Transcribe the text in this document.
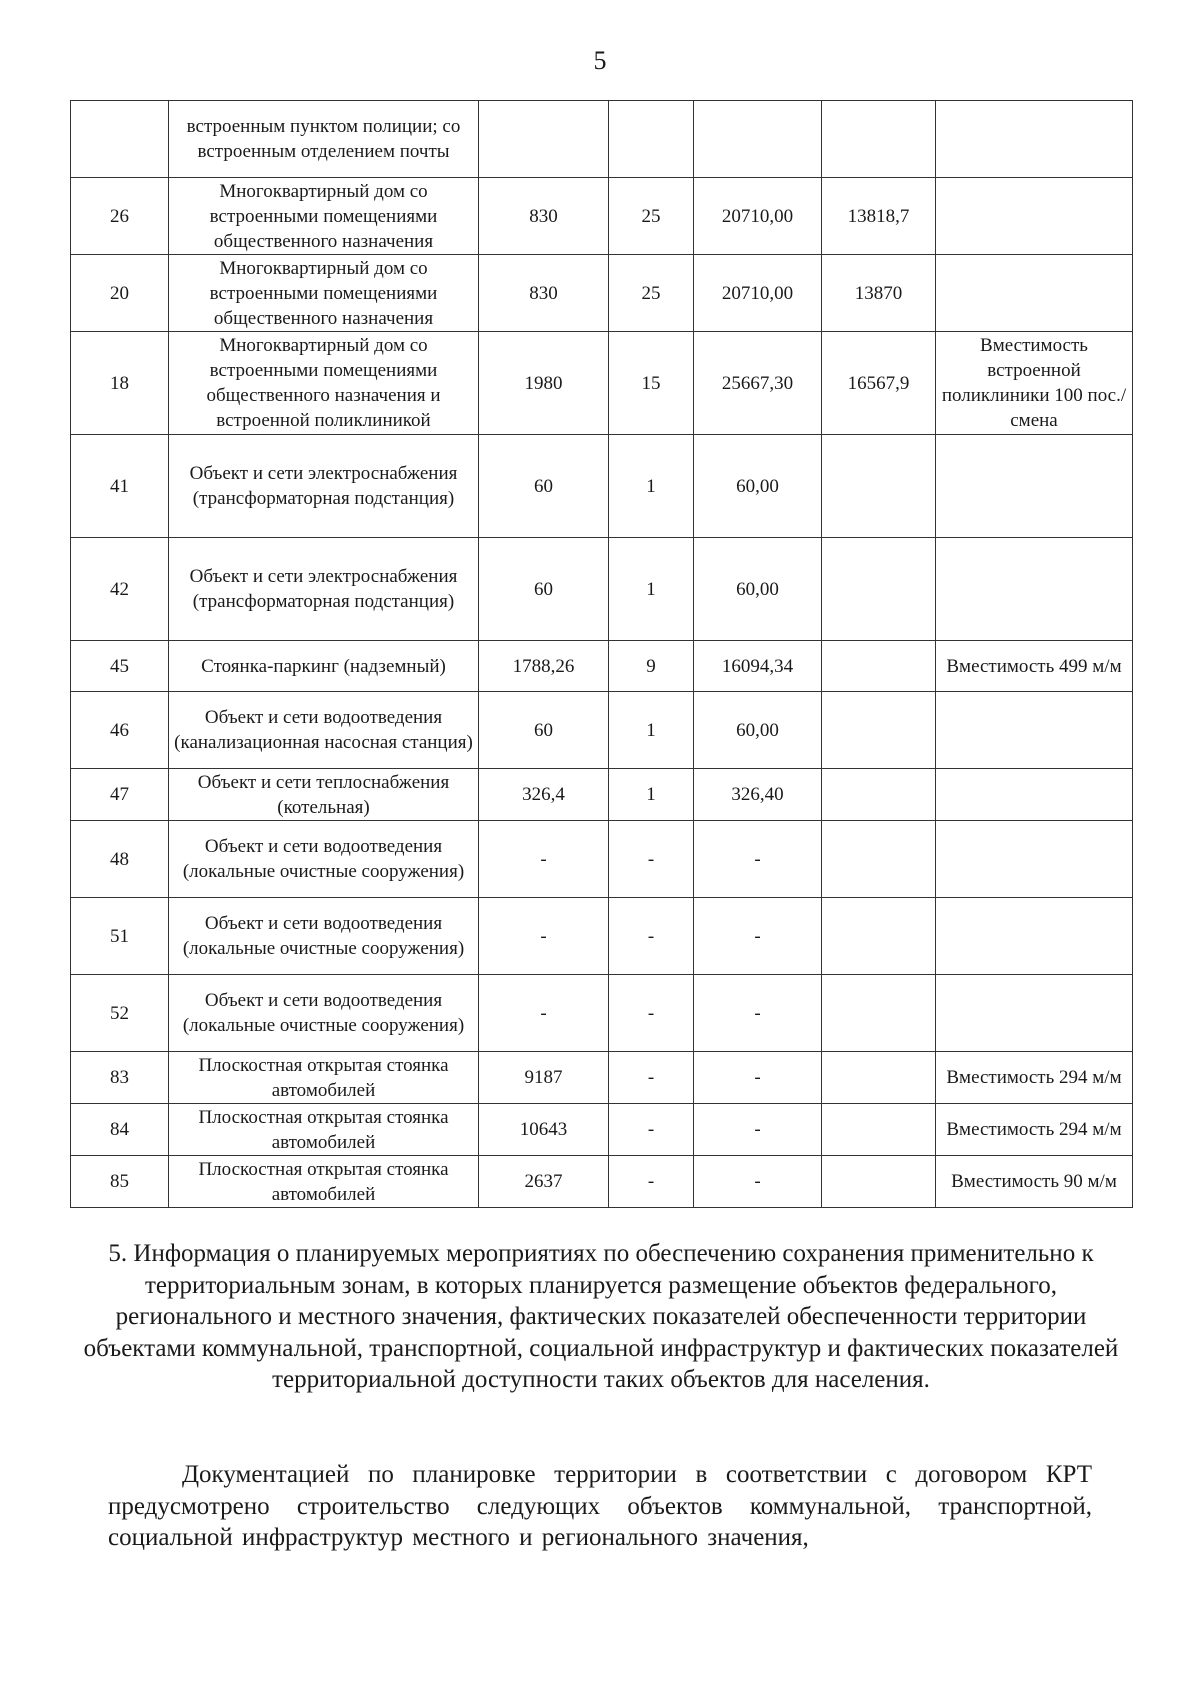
5
	встроенным пунктом полиции; со встроенным отделением почты					
26	Многоквартирный дом со встроенными помещениями общественного назначения	830	25	20710,00	13818,7	
20	Многоквартирный дом со встроенными помещениями общественного назначения	830	25	20710,00	13870	
18	Многоквартирный дом со встроенными помещениями общественного назначения и встроенной поликлиникой	1980	15	25667,30	16567,9	Вместимость встроенной поликлиники 100 пос./смена
41	Объект и сети электроснабжения (трансформаторная подстанция)	60	1	60,00		
42	Объект и сети электроснабжения (трансформаторная подстанция)	60	1	60,00		
45	Стоянка-паркинг (надземный)	1788,26	9	16094,34		Вместимость 499 м/м
46	Объект и сети водоотведения (канализационная насосная станция)	60	1	60,00		
47	Объект и сети теплоснабжения (котельная)	326,4	1	326,40		
48	Объект и сети водоотведения (локальные очистные сооружения)	-	-	-		
51	Объект и сети водоотведения (локальные очистные сооружения)	-	-	-		
52	Объект и сети водоотведения (локальные очистные сооружения)	-	-	-		
83	Плоскостная открытая стоянка автомобилей	9187	-	-		Вместимость 294 м/м
84	Плоскостная открытая стоянка автомобилей	10643	-	-		Вместимость 294 м/м
85	Плоскостная открытая стоянка автомобилей	2637	-	-		Вместимость 90 м/м
5. Информация о планируемых мероприятиях по обеспечению сохранения применительно к территориальным зонам, в которых планируется размещение объектов федерального, регионального и местного значения, фактических показателей обеспеченности территории объектами коммунальной, транспортной, социальной инфраструктур и фактических показателей территориальной доступности таких объектов для населения.
Документацией по планировке территории в соответствии с договором КРТ предусмотрено строительство следующих объектов коммунальной, транспортной, социальной инфраструктур местного и регионального значения,
